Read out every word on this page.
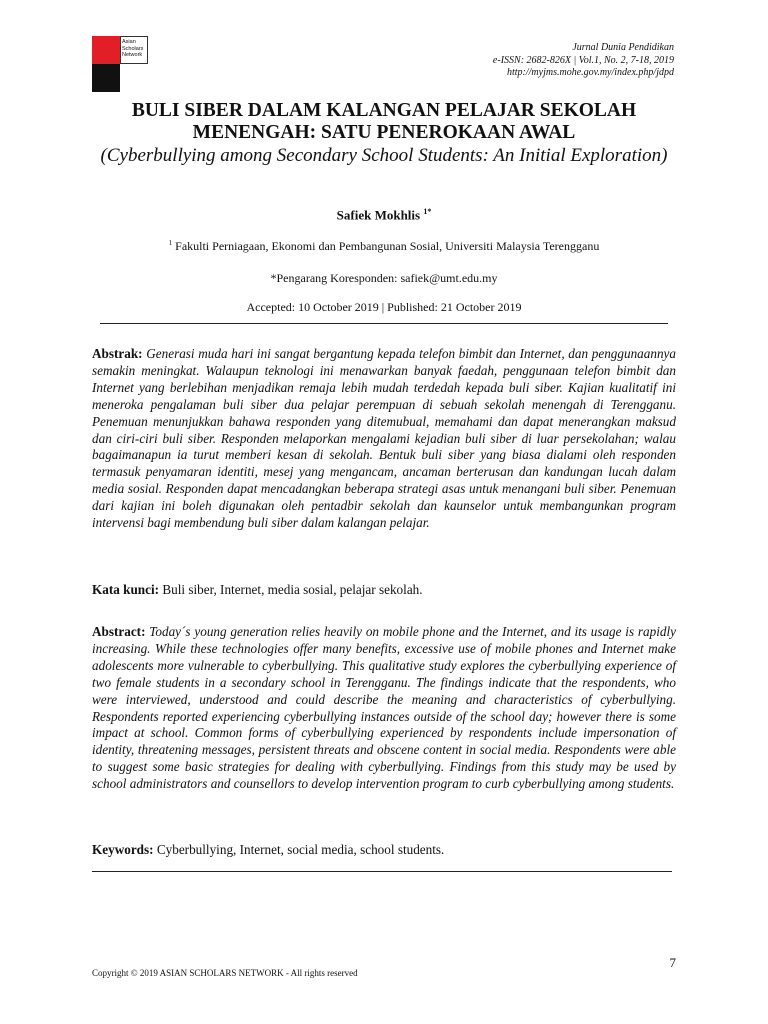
Asian Scholars Network
Jurnal Dunia Pendidikan
e-ISSN: 2682-826X | Vol.1, No. 2, 7-18, 2019
http://myjms.mohe.gov.my/index.php/jdpd
BULI SIBER DALAM KALANGAN PELAJAR SEKOLAH MENENGAH: SATU PENEROKAAN AWAL
(Cyberbullying among Secondary School Students: An Initial Exploration)
Safiek Mokhlis $^{1*}$
$^1$ Fakulti Perniagaan, Ekonomi dan Pembangunan Sosial, Universiti Malaysia Terengganu
*Pengarang Koresponden: safiek@umt.edu.my
Accepted: 10 October 2019 | Published: 21 October 2019
Abstrak: Generasi muda hari ini sangat bergantung kepada telefon bimbit dan Internet, dan penggunaannya semakin meningkat. Walaupun teknologi ini menawarkan banyak faedah, penggunaan telefon bimbit dan Internet yang berlebihan menjadikan remaja lebih mudah terdedah kepada buli siber. Kajian kualitatif ini meneroka pengalaman buli siber dua pelajar perempuan di sebuah sekolah menengah di Terengganu. Penemuan menunjukkan bahawa responden yang ditemubual, memahami dan dapat menerangkan maksud dan ciri-ciri buli siber. Responden melaporkan mengalami kejadian buli siber di luar persekolahan; walau bagaimanapun ia turut memberi kesan di sekolah. Bentuk buli siber yang biasa dialami oleh responden termasuk penyamaran identiti, mesej yang mengancam, ancaman berterusan dan kandungan lucah dalam media sosial. Responden dapat mencadangkan beberapa strategi asas untuk menangani buli siber. Penemuan dari kajian ini boleh digunakan oleh pentadbir sekolah dan kaunselor untuk membangunkan program intervensi bagi membendung buli siber dalam kalangan pelajar.
Kata kunci: Buli siber, Internet, media sosial, pelajar sekolah.
Abstract: Today´s young generation relies heavily on mobile phone and the Internet, and its usage is rapidly increasing. While these technologies offer many benefits, excessive use of mobile phones and Internet make adolescents more vulnerable to cyberbullying. This qualitative study explores the cyberbullying experience of two female students in a secondary school in Terengganu. The findings indicate that the respondents, who were interviewed, understood and could describe the meaning and characteristics of cyberbullying. Respondents reported experiencing cyberbullying instances outside of the school day; however there is some impact at school. Common forms of cyberbullying experienced by respondents include impersonation of identity, threatening messages, persistent threats and obscene content in social media. Respondents were able to suggest some basic strategies for dealing with cyberbullying. Findings from this study may be used by school administrators and counsellors to develop intervention program to curb cyberbullying among students.
Keywords: Cyberbullying, Internet, social media, school students.
7
Copyright © 2019 ASIAN SCHOLARS NETWORK - All rights reserved
